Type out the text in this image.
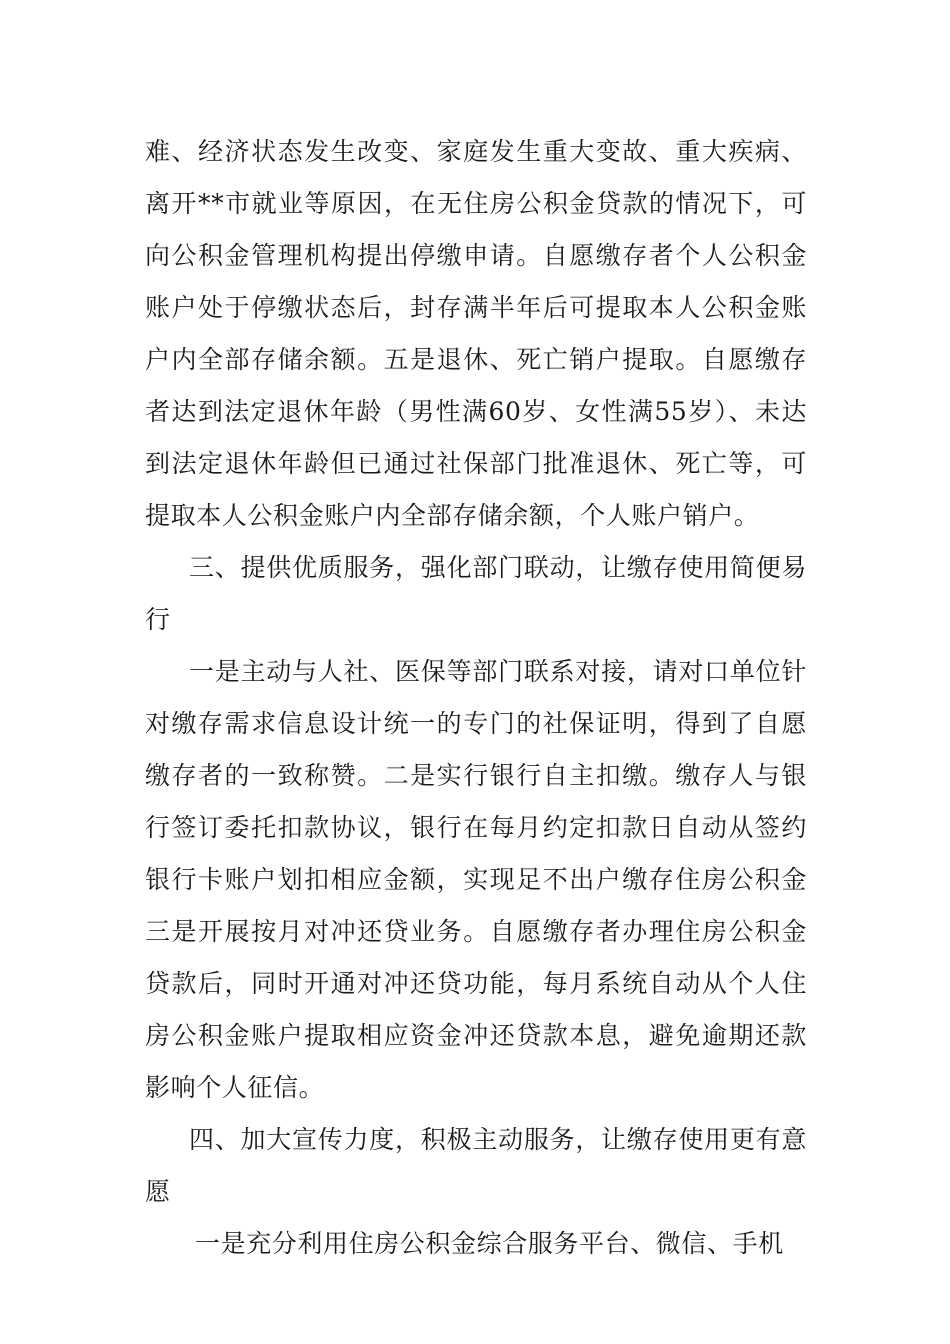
难、经济状态发生改变、家庭发生重大变故、重大疾病、离开**市就业等原因，在无住房公积金贷款的情况下，可向公积金管理机构提出停缴申请。自愿缴存者个人公积金账户处于停缴状态后，封存满半年后可提取本人公积金账户内全部存储余额。五是退休、死亡销户提取。自愿缴存者达到法定退休年龄（男性满60岁、女性满55岁）、未达到法定退休年龄但已通过社保部门批准退休、死亡等，可提取本人公积金账户内全部存储余额，个人账户销户。

三、提供优质服务，强化部门联动，让缴存使用简便易行

一是主动与人社、医保等部门联系对接，请对口单位针对缴存需求信息设计统一的专门的社保证明，得到了自愿缴存者的一致称赞。二是实行银行自主扣缴。缴存人与银行签订委托扣款协议，银行在每月约定扣款日自动从签约银行卡账户划扣相应金额，实现足不出户缴存住房公积金三是开展按月对冲还贷业务。自愿缴存者办理住房公积金贷款后，同时开通对冲还贷功能，每月系统自动从个人住房公积金账户提取相应资金冲还贷款本息，避免逾期还款影响个人征信。

四、加大宣传力度，积极主动服务，让缴存使用更有意愿

一是充分利用住房公积金综合服务平台、微信、手机
